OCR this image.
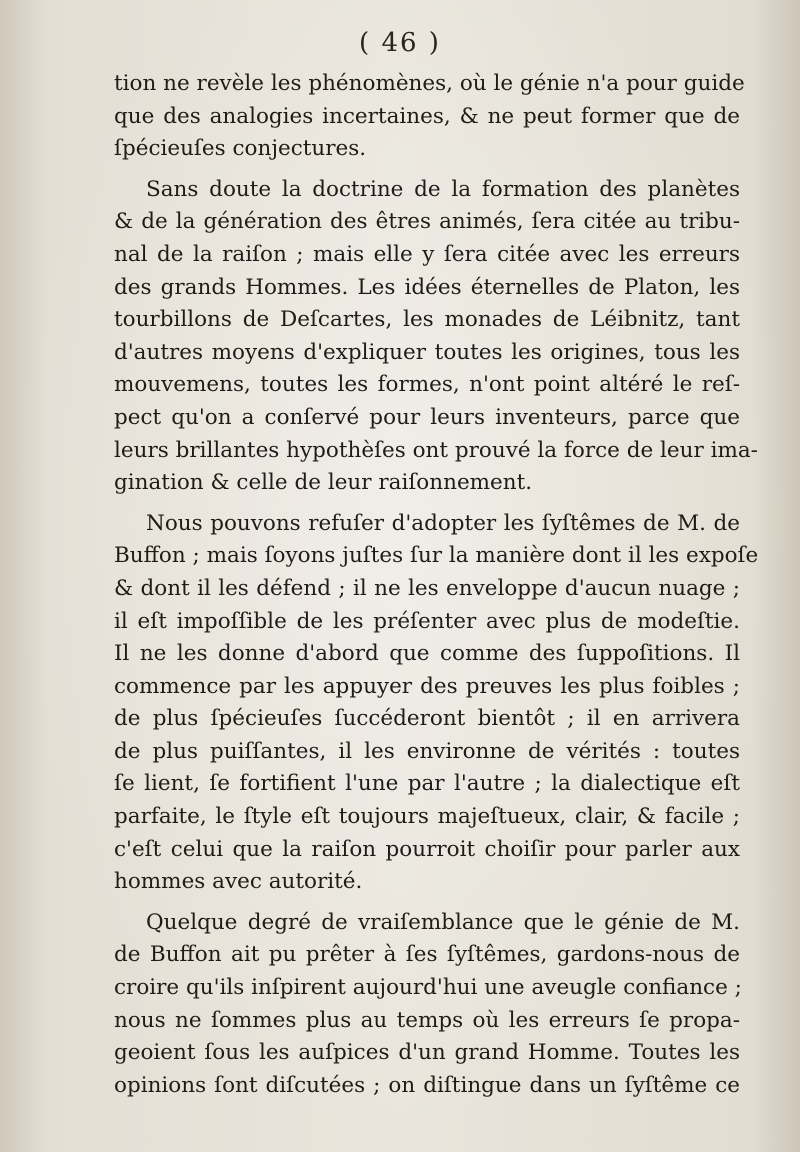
( 46 )
tion ne revèle les phénomènes, où le génie n'a pour guide
que des analogies incertaines, & ne peut former que de
ſpécieuſes conjectures.
Sans doute la doctrine de la formation des planètes
& de la génération des êtres animés, ſera citée au tribu-
nal de la raiſon ; mais elle y ſera citée avec les erreurs
des grands Hommes. Les idées éternelles de Platon, les
tourbillons de Deſcartes, les monades de Léibnitz, tant
d'autres moyens d'expliquer toutes les origines, tous les
mouvemens, toutes les formes, n'ont point altéré le reſ-
pect qu'on a conſervé pour leurs inventeurs, parce que
leurs brillantes hypothèſes ont prouvé la force de leur ima-
gination & celle de leur raiſonnement.
Nous pouvons refuſer d'adopter les ſyſtêmes de M. de
Buffon ; mais ſoyons juſtes ſur la manière dont il les expoſe
& dont il les défend ; il ne les enveloppe d'aucun nuage ;
il eſt impoſſible de les préſenter avec plus de modeſtie.
Il ne les donne d'abord que comme des ſuppoſitions. Il
commence par les appuyer des preuves les plus foibles ;
de plus ſpécieuſes ſuccéderont bientôt ; il en arrivera
de plus puiſſantes, il les environne de vérités : toutes
ſe lient, ſe fortifient l'une par l'autre ; la dialectique eſt
parfaite, le ſtyle eſt toujours majeſtueux, clair, & facile ;
c'eſt celui que la raiſon pourroit choiſir pour parler aux
hommes avec autorité.
Quelque degré de vraiſemblance que le génie de M.
de Buffon ait pu prêter à ſes ſyſtêmes, gardons-nous de
croire qu'ils inſpirent aujourd'hui une aveugle confiance ;
nous ne ſommes plus au temps où les erreurs ſe propa-
geoient ſous les auſpices d'un grand Homme. Toutes les
opinions ſont diſcutées ; on diſtingue dans un ſyſtême ce
